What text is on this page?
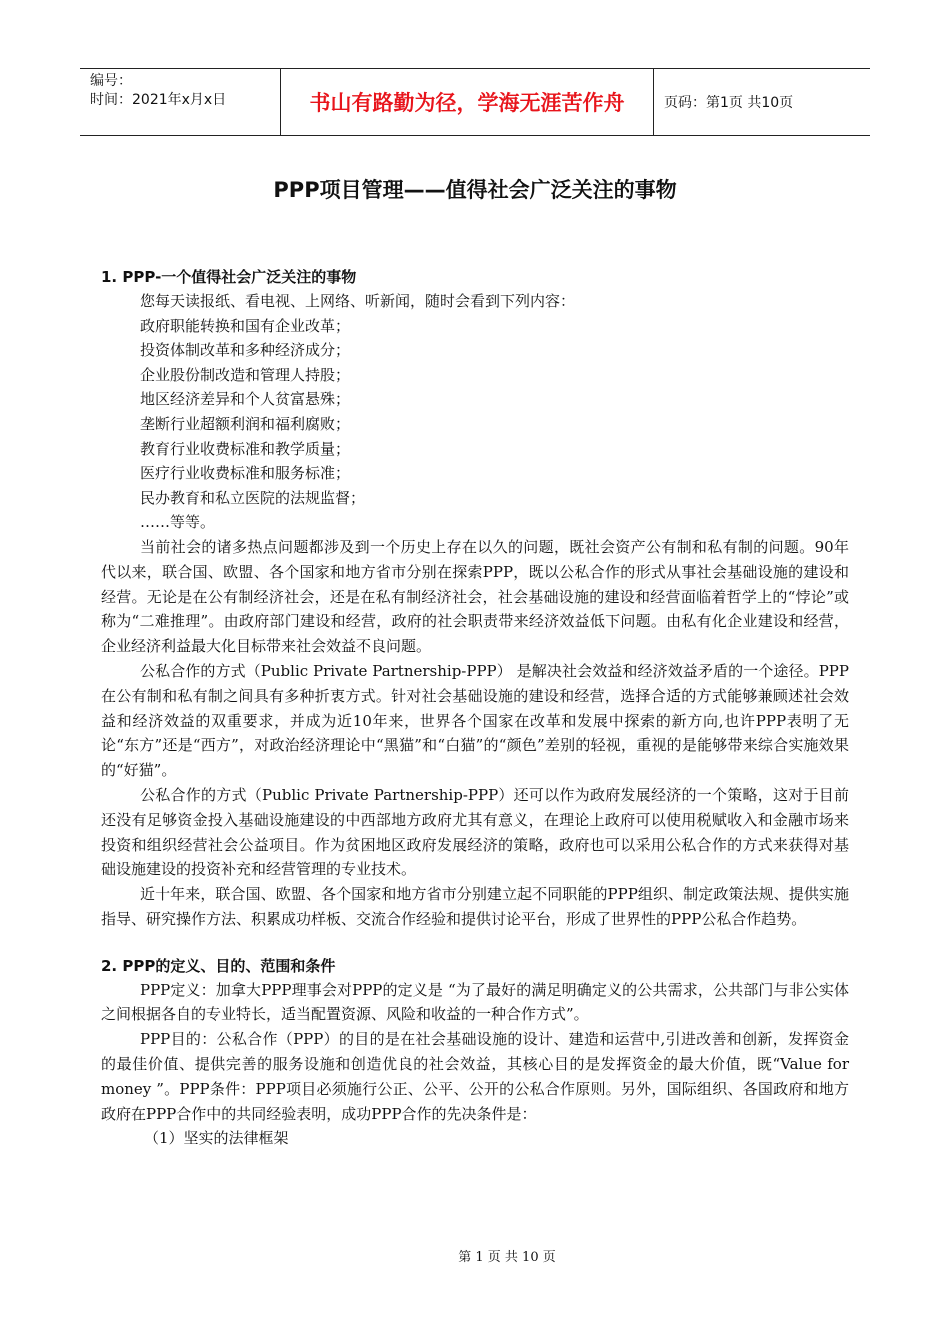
编号：
时间：2021年x月x日	书山有路勤为径，学海无涯苦作舟	页码：第1页 共10页
PPP项目管理——值得社会广泛关注的事物

1. PPP-一个值得社会广泛关注的事物

您每天读报纸、看电视、上网络、听新闻，随时会看到下列内容：

政府职能转换和国有企业改革；

投资体制改革和多种经济成分；

企业股份制改造和管理人持股；

地区经济差异和个人贫富悬殊；

垄断行业超额利润和福利腐败；

教育行业收费标准和教学质量；

医疗行业收费标准和服务标准；

民办教育和私立医院的法规监督；

……等等。

当前社会的诸多热点问题都涉及到一个历史上存在以久的问题，既社会资产公有制和私有制的问题。90年代以来，联合国、欧盟、各个国家和地方省市分别在探索PPP，既以公私合作的形式从事社会基础设施的建设和经营。无论是在公有制经济社会，还是在私有制经济社会，社会基础设施的建设和经营面临着哲学上的“悖论”或称为“二难推理”。由政府部门建设和经营，政府的社会职责带来经济效益低下问题。由私有化企业建设和经营，企业经济利益最大化目标带来社会效益不良问题。

公私合作的方式（Public Private Partnership-PPP） 是解决社会效益和经济效益矛盾的一个途径。PPP在公有制和私有制之间具有多种折衷方式。针对社会基础设施的建设和经营，选择合适的方式能够兼顾述社会效益和经济效益的双重要求，并成为近10年来，世界各个国家在改革和发展中探索的新方向,也许PPP表明了无论“东方”还是“西方”，对政治经济理论中“黑猫”和“白猫”的“颜色”差别的轻视，重视的是能够带来综合实施效果的“好猫”。

公私合作的方式（Public Private Partnership-PPP）还可以作为政府发展经济的一个策略，这对于目前还没有足够资金投入基础设施建设的中西部地方政府尤其有意义，在理论上政府可以使用税赋收入和金融市场来投资和组织经营社会公益项目。作为贫困地区政府发展经济的策略，政府也可以采用公私合作的方式来获得对基础设施建设的投资补充和经营管理的专业技术。

近十年来，联合国、欧盟、各个国家和地方省市分别建立起不同职能的PPP组织、制定政策法规、提供实施指导、研究操作方法、积累成功样板、交流合作经验和提供讨论平台，形成了世界性的PPP公私合作趋势。

2. PPP的定义、目的、范围和条件

PPP定义：加拿大PPP理事会对PPP的定义是 “为了最好的满足明确定义的公共需求，公共部门与非公实体之间根据各自的专业特长，适当配置资源、风险和收益的一种合作方式”。

PPP目的：公私合作（PPP）的目的是在社会基础设施的设计、建造和运营中,引进改善和创新，发挥资金的最佳价值、提供完善的服务设施和创造优良的社会效益，其核心目的是发挥资金的最大价值，既“Value for money ”。PPP条件：PPP项目必须施行公正、公平、公开的公私合作原则。另外，国际组织、各国政府和地方政府在PPP合作中的共同经验表明，成功PPP合作的先决条件是：

（1）坚实的法律框架

第 1 页 共 10 页
